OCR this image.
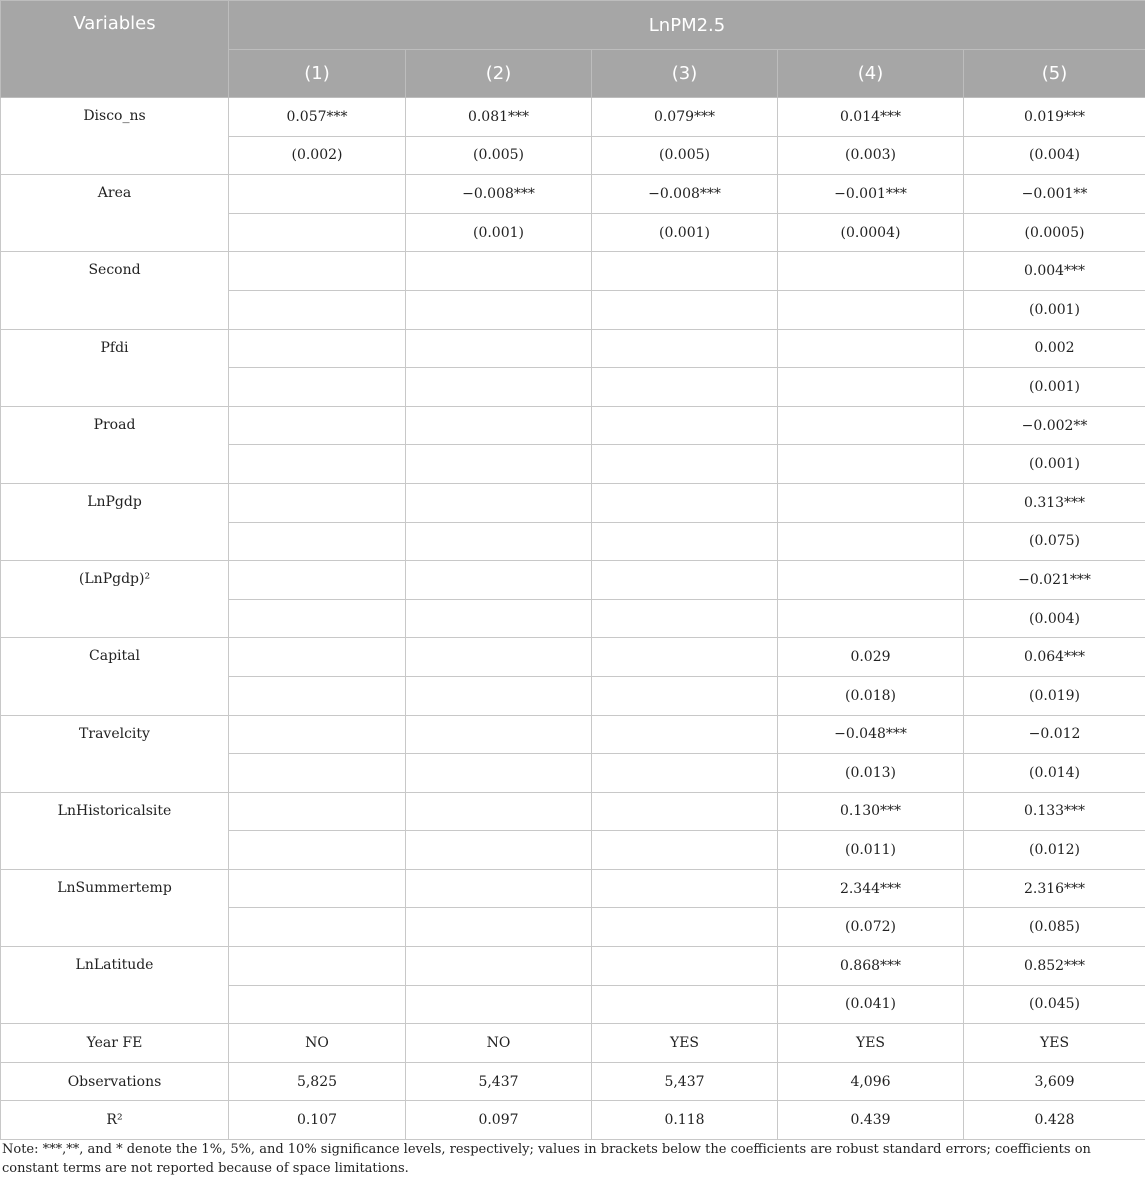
Variables	LnPM2.5				
	(1)	(2)	(3)	(4)	(5)
Disco_ns	0.057***	0.081***	0.079***	0.014***	0.019***
	(0.002)	(0.005)	(0.005)	(0.003)	(0.004)
Area		−0.008***	−0.008***	−0.001***	−0.001**
		(0.001)	(0.001)	(0.0004)	(0.0005)
Second					0.004***
					(0.001)
Pfdi					0.002
					(0.001)
Proad					−0.002**
					(0.001)
LnPgdp					0.313***
					(0.075)
(LnPgdp)²					−0.021***
					(0.004)
Capital				0.029	0.064***
				(0.018)	(0.019)
Travelcity				−0.048***	−0.012
				(0.013)	(0.014)
LnHistoricalsite				0.130***	0.133***
				(0.011)	(0.012)
LnSummertemp				2.344***	2.316***
				(0.072)	(0.085)
LnLatitude				0.868***	0.852***
				(0.041)	(0.045)
Year FE	NO	NO	YES	YES	YES
Observations	5,825	5,437	5,437	4,096	3,609
R²	0.107	0.097	0.118	0.439	0.428
Note: ***,**, and * denote the 1%, 5%, and 10% significance levels, respectively; values in brackets below the coefficients are robust standard errors; coefficients on constant terms are not reported because of space limitations.
